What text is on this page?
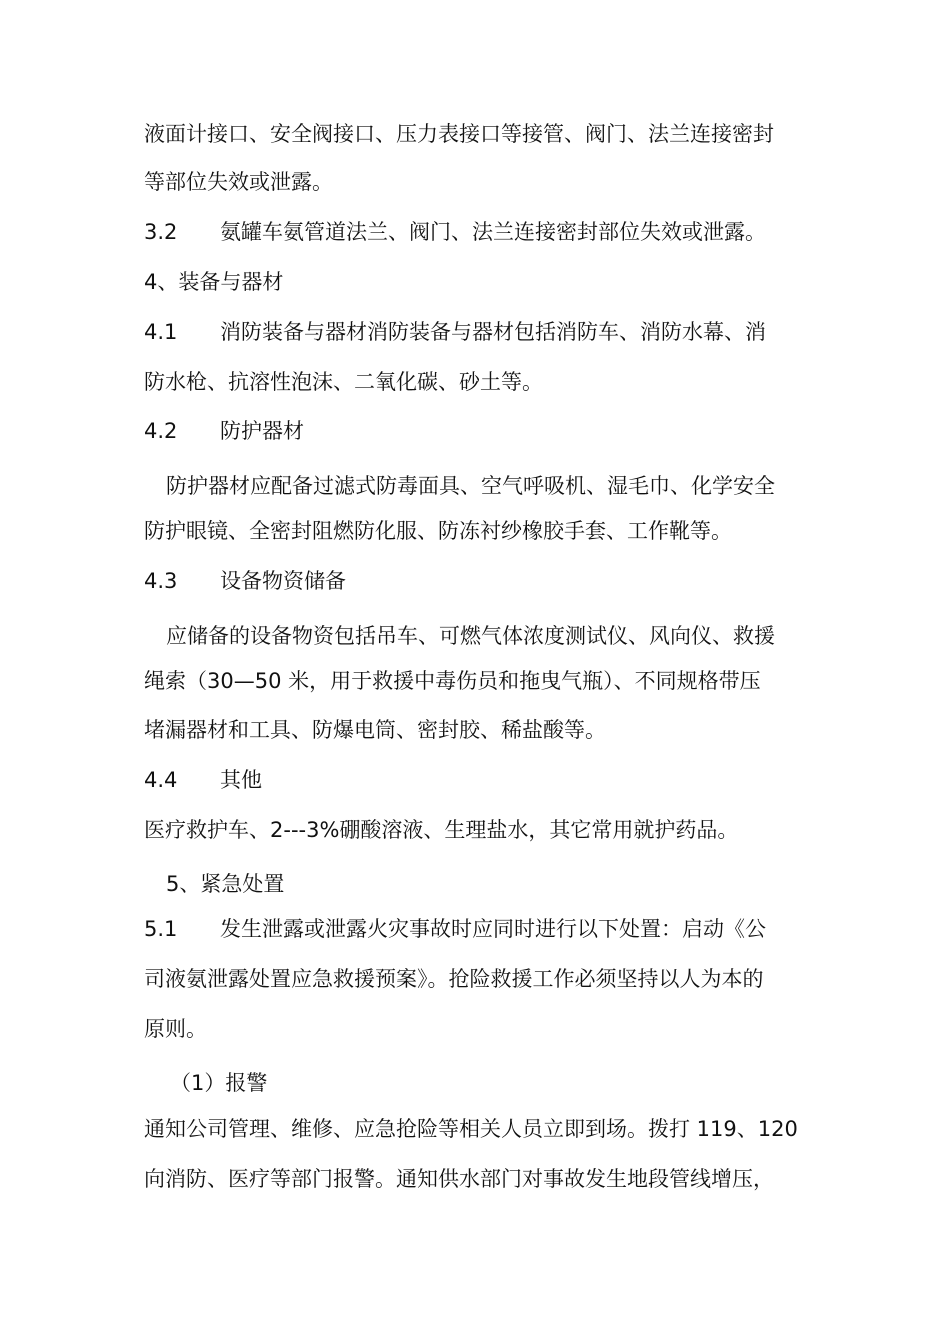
液面计接口、安全阀接口、压力表接口等接管、阀门、法兰连接密封
等部位失效或泄露。
3.2 氨罐车氨管道法兰、阀门、法兰连接密封部位失效或泄露。
4、装备与器材
4.1 消防装备与器材消防装备与器材包括消防车、消防水幕、消
防水枪、抗溶性泡沫、二氧化碳、砂土等。
4.2 防护器材
防护器材应配备过滤式防毒面具、空气呼吸机、湿毛巾、化学安全
防护眼镜、全密封阻燃防化服、防冻衬纱橡胶手套、工作靴等。
4.3 设备物资储备
应储备的设备物资包括吊车、可燃气体浓度测试仪、风向仪、救援
绳索（30—50 米，用于救援中毒伤员和拖曳气瓶）、不同规格带压
堵漏器材和工具、防爆电筒、密封胶、稀盐酸等。
4.4 其他
医疗救护车、2---3%硼酸溶液、生理盐水，其它常用就护药品。
5、紧急处置
5.1 发生泄露或泄露火灾事故时应同时进行以下处置：启动《公
司液氨泄露处置应急救援预案》。抢险救援工作必须坚持以人为本的
原则。
（1）报警
通知公司管理、维修、应急抢险等相关人员立即到场。拨打 119、120
向消防、医疗等部门报警。通知供水部门对事故发生地段管线增压，
